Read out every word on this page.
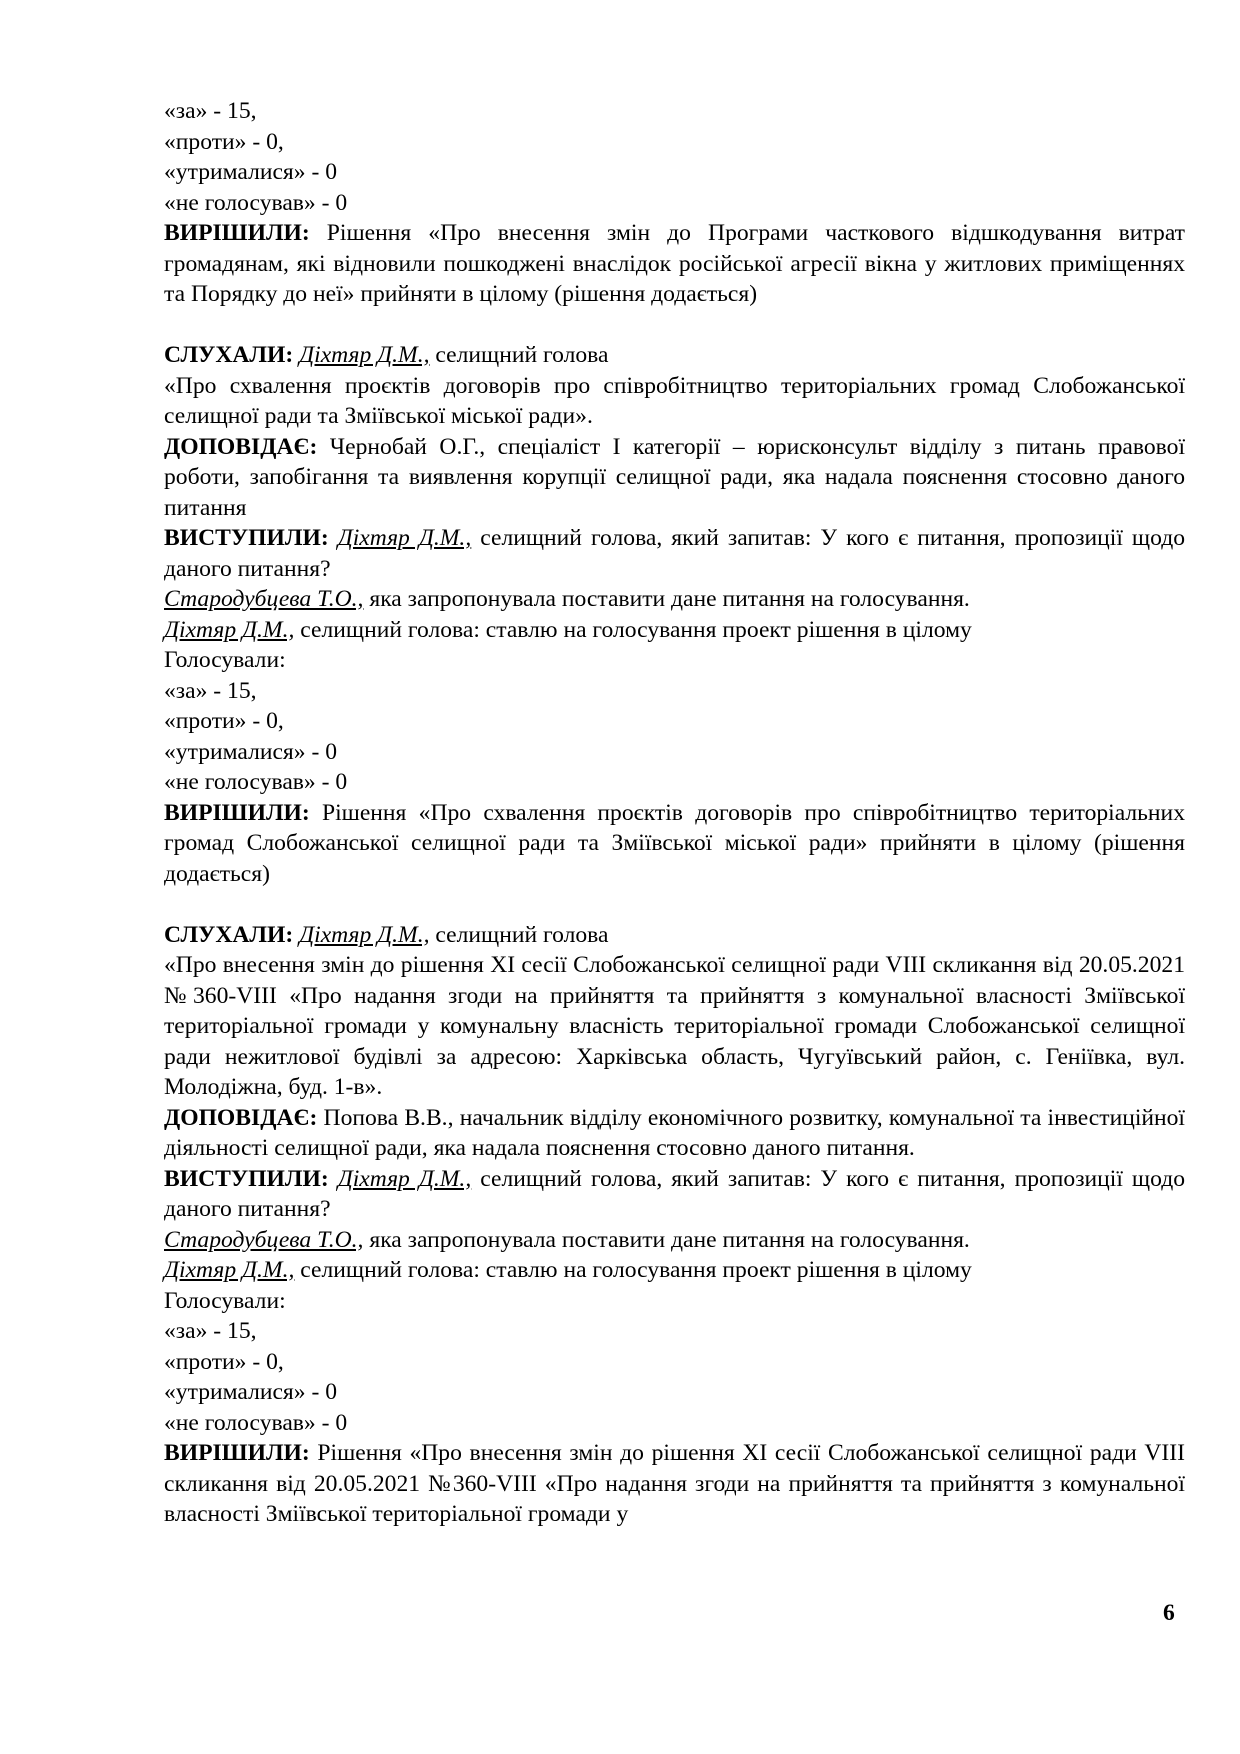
«за» - 15,

«проти» - 0,

«утрималися» - 0

«не голосував» - 0

ВИРІШИЛИ: Рішення «Про внесення змін до Програми часткового відшкодування витрат громадянам, які відновили пошкоджені внаслідок російської агресії вікна у житлових приміщеннях та Порядку до неї» прийняти в цілому (рішення додається)

СЛУХАЛИ: Діхтяр Д.М., селищний голова

«Про схвалення проєктів договорів про співробітництво територіальних громад Слобожанської селищної ради та Зміївської міської ради».

ДОПОВІДАЄ: Чернобай О.Г., спеціаліст І категорії – юрисконсульт відділу з питань правової роботи, запобігання та виявлення корупції селищної ради, яка надала пояснення стосовно даного питання

ВИСТУПИЛИ: Діхтяр Д.М., селищний голова, який запитав: У кого є питання, пропозиції щодо даного питання?

Стародубцева Т.О., яка запропонувала поставити дане питання на голосування.

Діхтяр Д.М., селищний голова: ставлю на голосування проект рішення в цілому

Голосували:

«за» - 15,

«проти» - 0,

«утрималися» - 0

«не голосував» - 0

ВИРІШИЛИ: Рішення «Про схвалення проєктів договорів про співробітництво територіальних громад Слобожанської селищної ради та Зміївської міської ради» прийняти в цілому (рішення додається)

СЛУХАЛИ: Діхтяр Д.М., селищний голова

«Про внесення змін до рішення ХІ сесії Слобожанської селищної ради VIII скликання від 20.05.2021 №360-VIII «Про надання згоди на прийняття та прийняття з комунальної власності Зміївської територіальної громади у комунальну власність територіальної громади Слобожанської селищної ради нежитлової будівлі за адресою: Харківська область, Чугуївський район, с. Геніївка, вул. Молодіжна, буд. 1-в».

ДОПОВІДАЄ: Попова В.В., начальник відділу економічного розвитку, комунальної та інвестиційної діяльності селищної ради, яка надала пояснення стосовно даного питання.

ВИСТУПИЛИ: Діхтяр Д.М., селищний голова, який запитав: У кого є питання, пропозиції щодо даного питання?

Стародубцева Т.О., яка запропонувала поставити дане питання на голосування.

Діхтяр Д.М., селищний голова: ставлю на голосування проект рішення в цілому

Голосували:

«за» - 15,

«проти» - 0,

«утрималися» - 0

«не голосував» - 0

ВИРІШИЛИ: Рішення «Про внесення змін до рішення ХІ сесії Слобожанської селищної ради VIII скликання від 20.05.2021 №360-VIII «Про надання згоди на прийняття та прийняття з комунальної власності Зміївської територіальної громади у

6
